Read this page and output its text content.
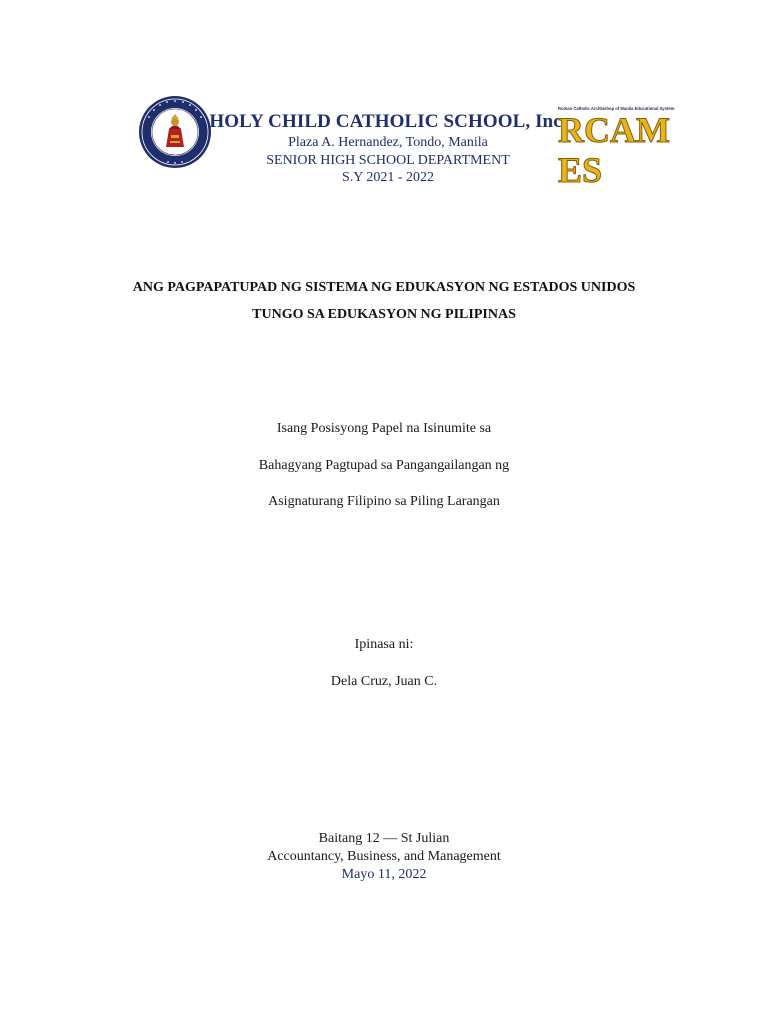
HOLY CHILD CATHOLIC SCHOOL, Inc.
Plaza A. Hernandez, Tondo, Manila
SENIOR HIGH SCHOOL DEPARTMENT
S.Y 2021 - 2022
Roman Catholic Archbishop of Manila Educational System
RCAM ES
ANG PAGPAPATUPAD NG SISTEMA NG EDUKASYON NG ESTADOS UNIDOS
TUNGO SA EDUKASYON NG PILIPINAS
Isang Posisyong Papel na Isinumite sa
Bahagyang Pagtupad sa Pangangailangan ng
Asignaturang Filipino sa Piling Larangan
Ipinasa ni:
Dela Cruz, Juan C.
Baitang 12 — St Julian
Accountancy, Business, and Management
Mayo 11, 2022
